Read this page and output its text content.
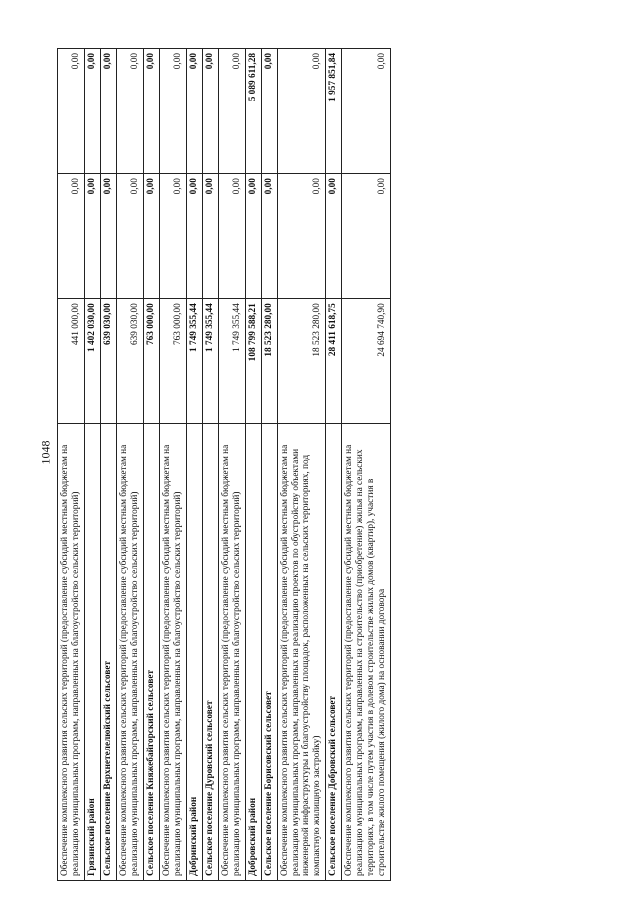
1048 Обеспечение комплексного развития сельских территорий (предоставление субсидий местным бюджетам на реализацию муниципальных программ, направленных на благоустройство сельских территорий)	441 000,00	0,00	0,00
Грязинский район	1 402 030,00	0,00	0,00
Сельское поселение Верхнетелелюйский сельсовет	639 030,00	0,00	0,00
Обеспечение комплексного развития сельских территорий (предоставление субсидий местным бюджетам на реализацию муниципальных программ, направленных на благоустройство сельских территорий)	639 030,00	0,00	0,00
Сельское поселение Княжебайгорский сельсовет	763 000,00	0,00	0,00
Обеспечение комплексного развития сельских территорий (предоставление субсидий местным бюджетам на реализацию муниципальных программ, направленных на благоустройство сельских территорий)	763 000,00	0,00	0,00
Добринский район	1 749 355,44	0,00	0,00
Сельское поселение Дуровский сельсовет	1 749 355,44	0,00	0,00
Обеспечение комплексного развития сельских территорий (предоставление субсидий местным бюджетам на реализацию муниципальных программ, направленных на благоустройство сельских территорий)	1 749 355,44	0,00	0,00
Добровский район	108 799 588,21	0,00	5 089 611,28
Сельское поселение Борисовский сельсовет	18 523 280,00	0,00	0,00
Обеспечение комплексного развития сельских территорий (предоставление субсидий местным бюджетам на реализацию муниципальных программ, направленных на реализацию проектов по обустройству объектами инженерной инфраструктуры и благоустройству площадок, расположенных на сельских территориях, под компактную жилищную застройку)	18 523 280,00	0,00	0,00
Сельское поселение Добровский сельсовет	28 411 618,75	0,00	1 957 851,84
Обеспечение комплексного развития сельских территорий (предоставление субсидий местным бюджетам на реализацию муниципальных программ, направленных на строительство (приобретение) жилья на сельских территориях, в том числе путем участия в долевом строительстве жилых домов (квартир), участия в строительстве жилого помещения (жилого дома) на основании договора	24 694 740,90	0,00	0,00
